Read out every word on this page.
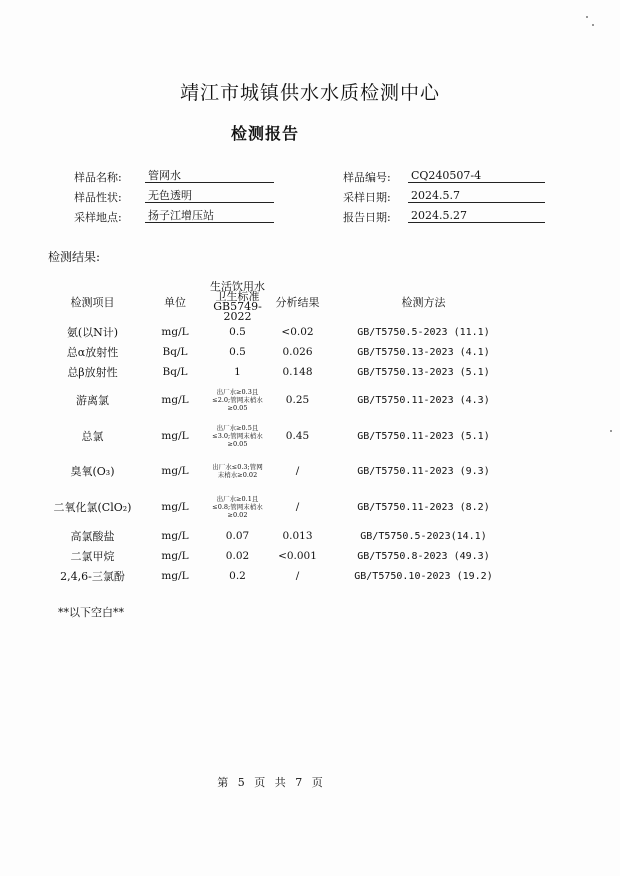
靖江市城镇供水水质检测中心
检测报告
样品名称: 管网水
样品性状: 无色透明
采样地点: 扬子江增压站
样品编号: CQ240507-4
采样日期: 2024.5.7
报告日期: 2024.5.27
检测结果:
检测项目	单位	生活饮用水卫生标准GB5749-2022	分析结果	检测方法
氨(以N计)	mg/L	0.5	<0.02	GB/T5750.5-2023 (11.1)
总α放射性	Bq/L	0.5	0.026	GB/T5750.13-2023 (4.1)
总β放射性	Bq/L	1	0.148	GB/T5750.13-2023 (5.1)
游离氯	mg/L	出厂水≥0.3且≤2.0;管网末梢水≥0.05	0.25	GB/T5750.11-2023 (4.3)
总氯	mg/L	出厂水≥0.5且≤3.0;管网末梢水≥0.05	0.45	GB/T5750.11-2023 (5.1)
臭氧(O₃)	mg/L	出厂水≤0.3;管网末梢水≥0.02	/	GB/T5750.11-2023 (9.3)
二氧化氯(ClO₂)	mg/L	出厂水≥0.1且≤0.8;管网末梢水≥0.02	/	GB/T5750.11-2023 (8.2)
高氯酸盐	mg/L	0.07	0.013	GB/T5750.5-2023(14.1)
二氯甲烷	mg/L	0.02	<0.001	GB/T5750.8-2023 (49.3)
2,4,6-三氯酚	mg/L	0.2	/	GB/T5750.10-2023 (19.2)
**以下空白**
第 5 页 共 7 页
